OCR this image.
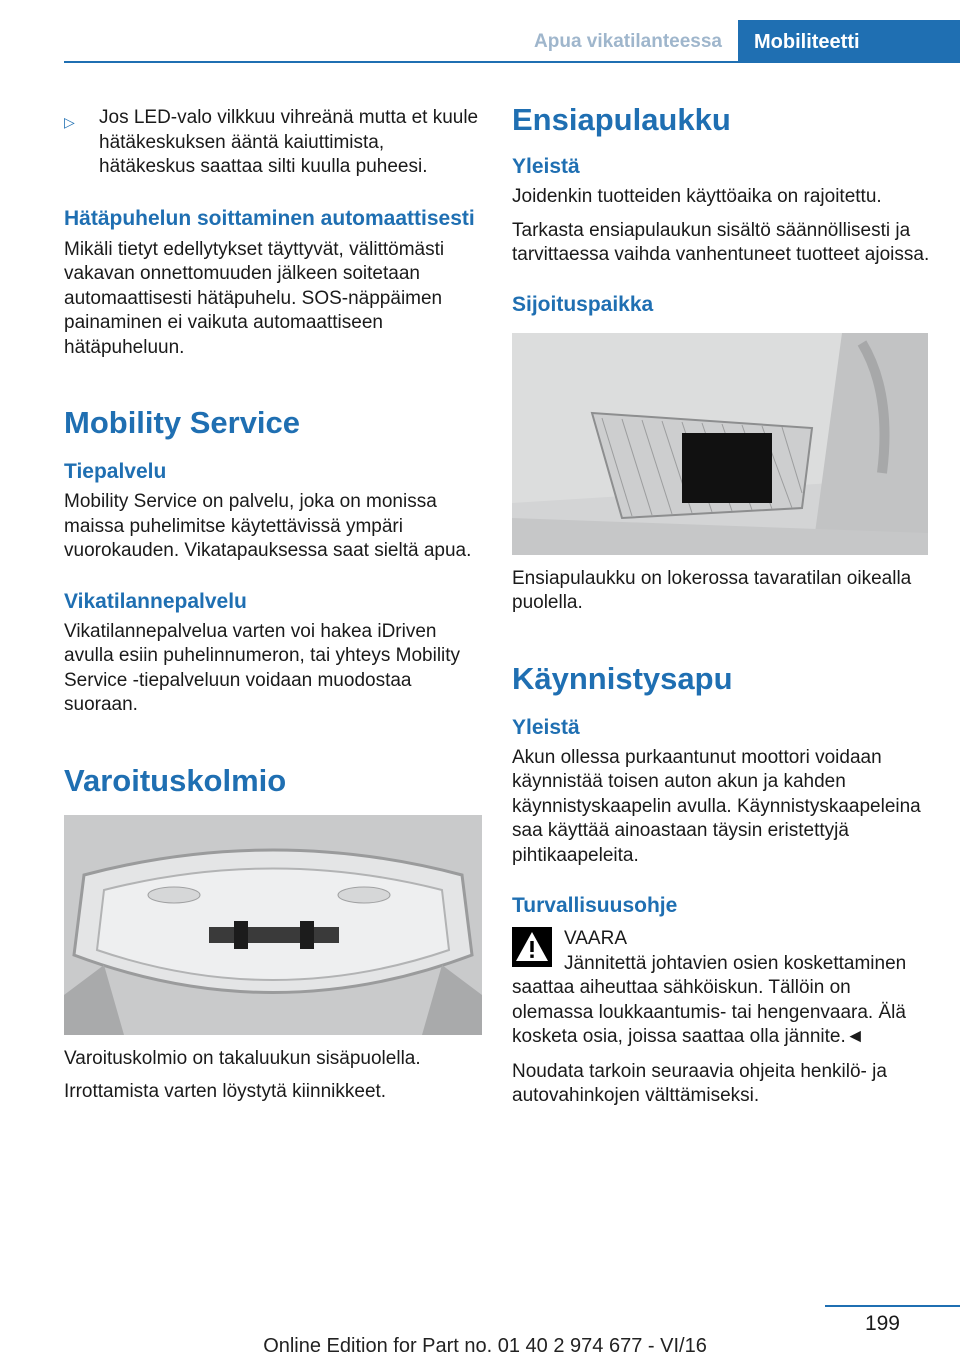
Apua vikatilanteessa	Mobiliteetti

▷ Jos LED-valo vilkkuu vihreänä mutta et kuule hätäkeskuksen ääntä kaiuttimista, hätäkeskus saattaa silti kuulla puheesi.

Hätäpuhelun soittaminen automaattisesti

Mikäli tietyt edellytykset täyttyvät, välittömästi vakavan onnettomuuden jälkeen soitetaan automaattisesti hätäpuhelu. SOS-näppäimen painaminen ei vaikuta automaattiseen hätäpuheluun.

Mobility Service
Tiepalvelu

Mobility Service on palvelu, joka on monissa maissa puhelimitse käytettävissä ympäri vuorokauden. Vikatapauksessa saat sieltä apua.

Vikatilannepalvelu

Vikatilannepalvelua varten voi hakea iDriven avulla esiin puhelinnumeron, tai yhteys Mobility Service -tiepalveluun voidaan muodostaa suoraan.

Varoituskolmio

Varoituskolmio on takaluukun sisäpuolella.

Irrottamista varten löystytä kiinnikkeet.

Ensiapulaukku
Yleistä

Joidenkin tuotteiden käyttöaika on rajoitettu.

Tarkasta ensiapulaukun sisältö säännöllisesti ja tarvittaessa vaihda vanhentuneet tuotteet ajoissa.

Sijoituspaikka

Ensiapulaukku on lokerossa tavaratilan oikealla puolella.

Käynnistysapu
Yleistä

Akun ollessa purkaantunut moottori voidaan käynnistää toisen auton akun ja kahden käynnistyskaapelin avulla. Käynnistyskaapeleina saa käyttää ainoastaan täysin eristettyjä pihtikaapeleita.

Turvallisuusohje

VAARA

Jännitettä johtavien osien koskettaminen saattaa aiheuttaa sähköiskun. Tällöin on olemassa loukkaantumis- tai hengenvaara. Älä kosketa osia, joissa saattaa olla jännite.◄

Noudata tarkoin seuraavia ohjeita henkilö- ja autovahinkojen välttämiseksi.

199
Online Edition for Part no. 01 40 2 974 677 - VI/16
